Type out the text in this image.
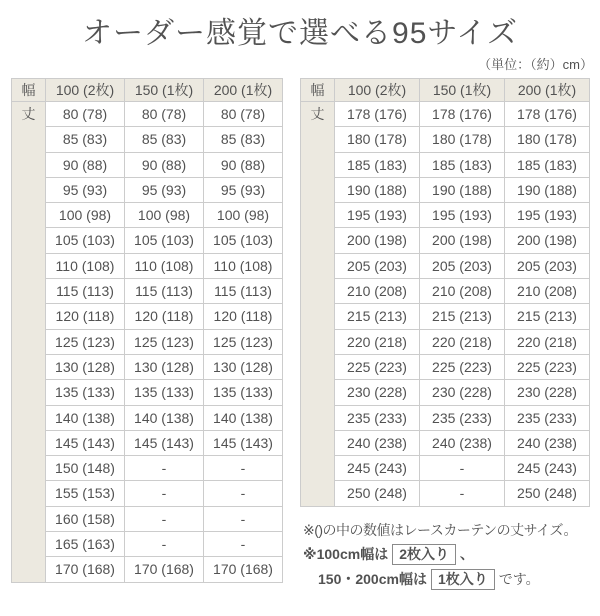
オーダー感覚で選べる95サイズ
（単位：（約）cm）
幅	100 (2枚)	150 (1枚)	200 (1枚)
丈	80 (78)	80 (78)	80 (78)
	85 (83)	85 (83)	85 (83)
	90 (88)	90 (88)	90 (88)
	95 (93)	95 (93)	95 (93)
	100 (98)	100 (98)	100 (98)
	105 (103)	105 (103)	105 (103)
	110 (108)	110 (108)	110 (108)
	115 (113)	115 (113)	115 (113)
	120 (118)	120 (118)	120 (118)
	125 (123)	125 (123)	125 (123)
	130 (128)	130 (128)	130 (128)
	135 (133)	135 (133)	135 (133)
	140 (138)	140 (138)	140 (138)
	145 (143)	145 (143)	145 (143)
	150 (148)	-	-
	155 (153)	-	-
	160 (158)	-	-
	165 (163)	-	-
	170 (168)	170 (168)	170 (168)
幅	100 (2枚)	150 (1枚)	200 (1枚)
丈	178 (176)	178 (176)	178 (176)
	180 (178)	180 (178)	180 (178)
	185 (183)	185 (183)	185 (183)
	190 (188)	190 (188)	190 (188)
	195 (193)	195 (193)	195 (193)
	200 (198)	200 (198)	200 (198)
	205 (203)	205 (203)	205 (203)
	210 (208)	210 (208)	210 (208)
	215 (213)	215 (213)	215 (213)
	220 (218)	220 (218)	220 (218)
	225 (223)	225 (223)	225 (223)
	230 (228)	230 (228)	230 (228)
	235 (233)	235 (233)	235 (233)
	240 (238)	240 (238)	240 (238)
	245 (243)	-	245 (243)
	250 (248)	-	250 (248)
※()の中の数値はレースカーテンの丈サイズ。
※100cm幅は 2枚入り 、
150・200cm幅は 1枚入り です。
